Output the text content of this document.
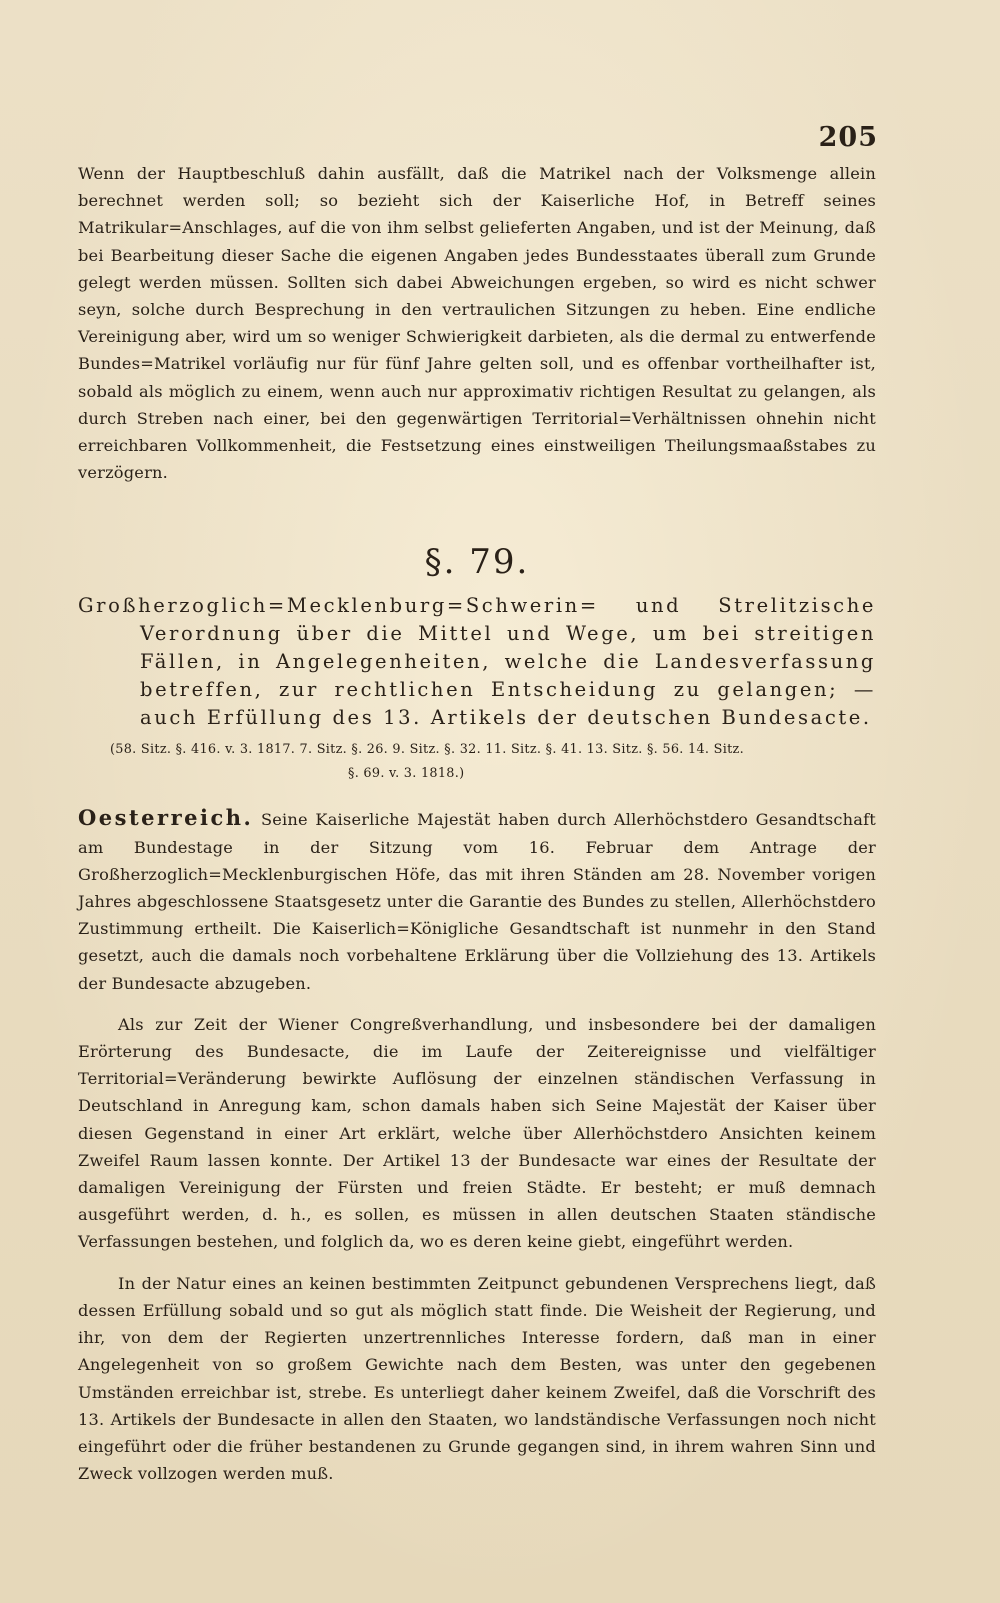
205

Wenn der Hauptbeschluß dahin ausfällt, daß die Matrikel nach der Volksmenge allein berechnet werden soll; so bezieht sich der Kaiserliche Hof, in Betreff seines Matrikular=Anschlages, auf die von ihm selbst gelieferten Angaben, und ist der Meinung, daß bei Bearbeitung dieser Sache die eigenen Angaben jedes Bundesstaates überall zum Grunde gelegt werden müssen. Sollten sich dabei Abweichungen ergeben, so wird es nicht schwer seyn, solche durch Besprechung in den vertraulichen Sitzungen zu heben. Eine endliche Vereinigung aber, wird um so weniger Schwierigkeit darbieten, als die dermal zu entwerfende Bundes=Matrikel vorläufig nur für fünf Jahre gelten soll, und es offenbar vortheilhafter ist, sobald als möglich zu einem, wenn auch nur approximativ richtigen Resultat zu gelangen, als durch Streben nach einer, bei den gegenwärtigen Territorial=Verhältnissen ohnehin nicht erreichbaren Vollkommenheit, die Festsetzung eines einstweiligen Theilungsmaaßstabes zu verzögern.

§. 79.

Großherzoglich=Mecklenburg=Schwerin= und Strelitzische Verordnung über die Mittel und Wege, um bei streitigen Fällen, in Angelegenheiten, welche die Landesverfassung betreffen, zur rechtlichen Entscheidung zu gelangen; — auch Erfüllung des 13. Artikels der deutschen Bundesacte.

(58. Sitz. §. 416. v. 3. 1817. 7. Sitz. §. 26. 9. Sitz. §. 32. 11. Sitz. §. 41. 13. Sitz. §. 56. 14. Sitz.
§. 69. v. 3. 1818.)

Oesterreich. Seine Kaiserliche Majestät haben durch Allerhöchstdero Gesandtschaft am Bundestage in der Sitzung vom 16. Februar dem Antrage der Großherzoglich=Mecklenburgischen Höfe, das mit ihren Ständen am 28. November vorigen Jahres abgeschlossene Staatsgesetz unter die Garantie des Bundes zu stellen, Allerhöchstdero Zustimmung ertheilt. Die Kaiserlich=Königliche Gesandtschaft ist nunmehr in den Stand gesetzt, auch die damals noch vorbehaltene Erklärung über die Vollziehung des 13. Artikels der Bundesacte abzugeben.

Als zur Zeit der Wiener Congreßverhandlung, und insbesondere bei der damaligen Erörterung des Bundesacte, die im Laufe der Zeitereignisse und vielfältiger Territorial=Veränderung bewirkte Auflösung der einzelnen ständischen Verfassung in Deutschland in Anregung kam, schon damals haben sich Seine Majestät der Kaiser über diesen Gegenstand in einer Art erklärt, welche über Allerhöchstdero Ansichten keinem Zweifel Raum lassen konnte. Der Artikel 13 der Bundesacte war eines der Resultate der damaligen Vereinigung der Fürsten und freien Städte. Er besteht; er muß demnach ausgeführt werden, d. h., es sollen, es müssen in allen deutschen Staaten ständische Verfassungen bestehen, und folglich da, wo es deren keine giebt, eingeführt werden.

In der Natur eines an keinen bestimmten Zeitpunct gebundenen Versprechens liegt, daß dessen Erfüllung sobald und so gut als möglich statt finde. Die Weisheit der Regierung, und ihr, von dem der Regierten unzertrennliches Interesse fordern, daß man in einer Angelegenheit von so großem Gewichte nach dem Besten, was unter den gegebenen Umständen erreichbar ist, strebe. Es unterliegt daher keinem Zweifel, daß die Vorschrift des 13. Artikels der Bundesacte in allen den Staaten, wo landständische Verfassungen noch nicht eingeführt oder die früher bestandenen zu Grunde gegangen sind, in ihrem wahren Sinn und Zweck vollzogen werden muß.
